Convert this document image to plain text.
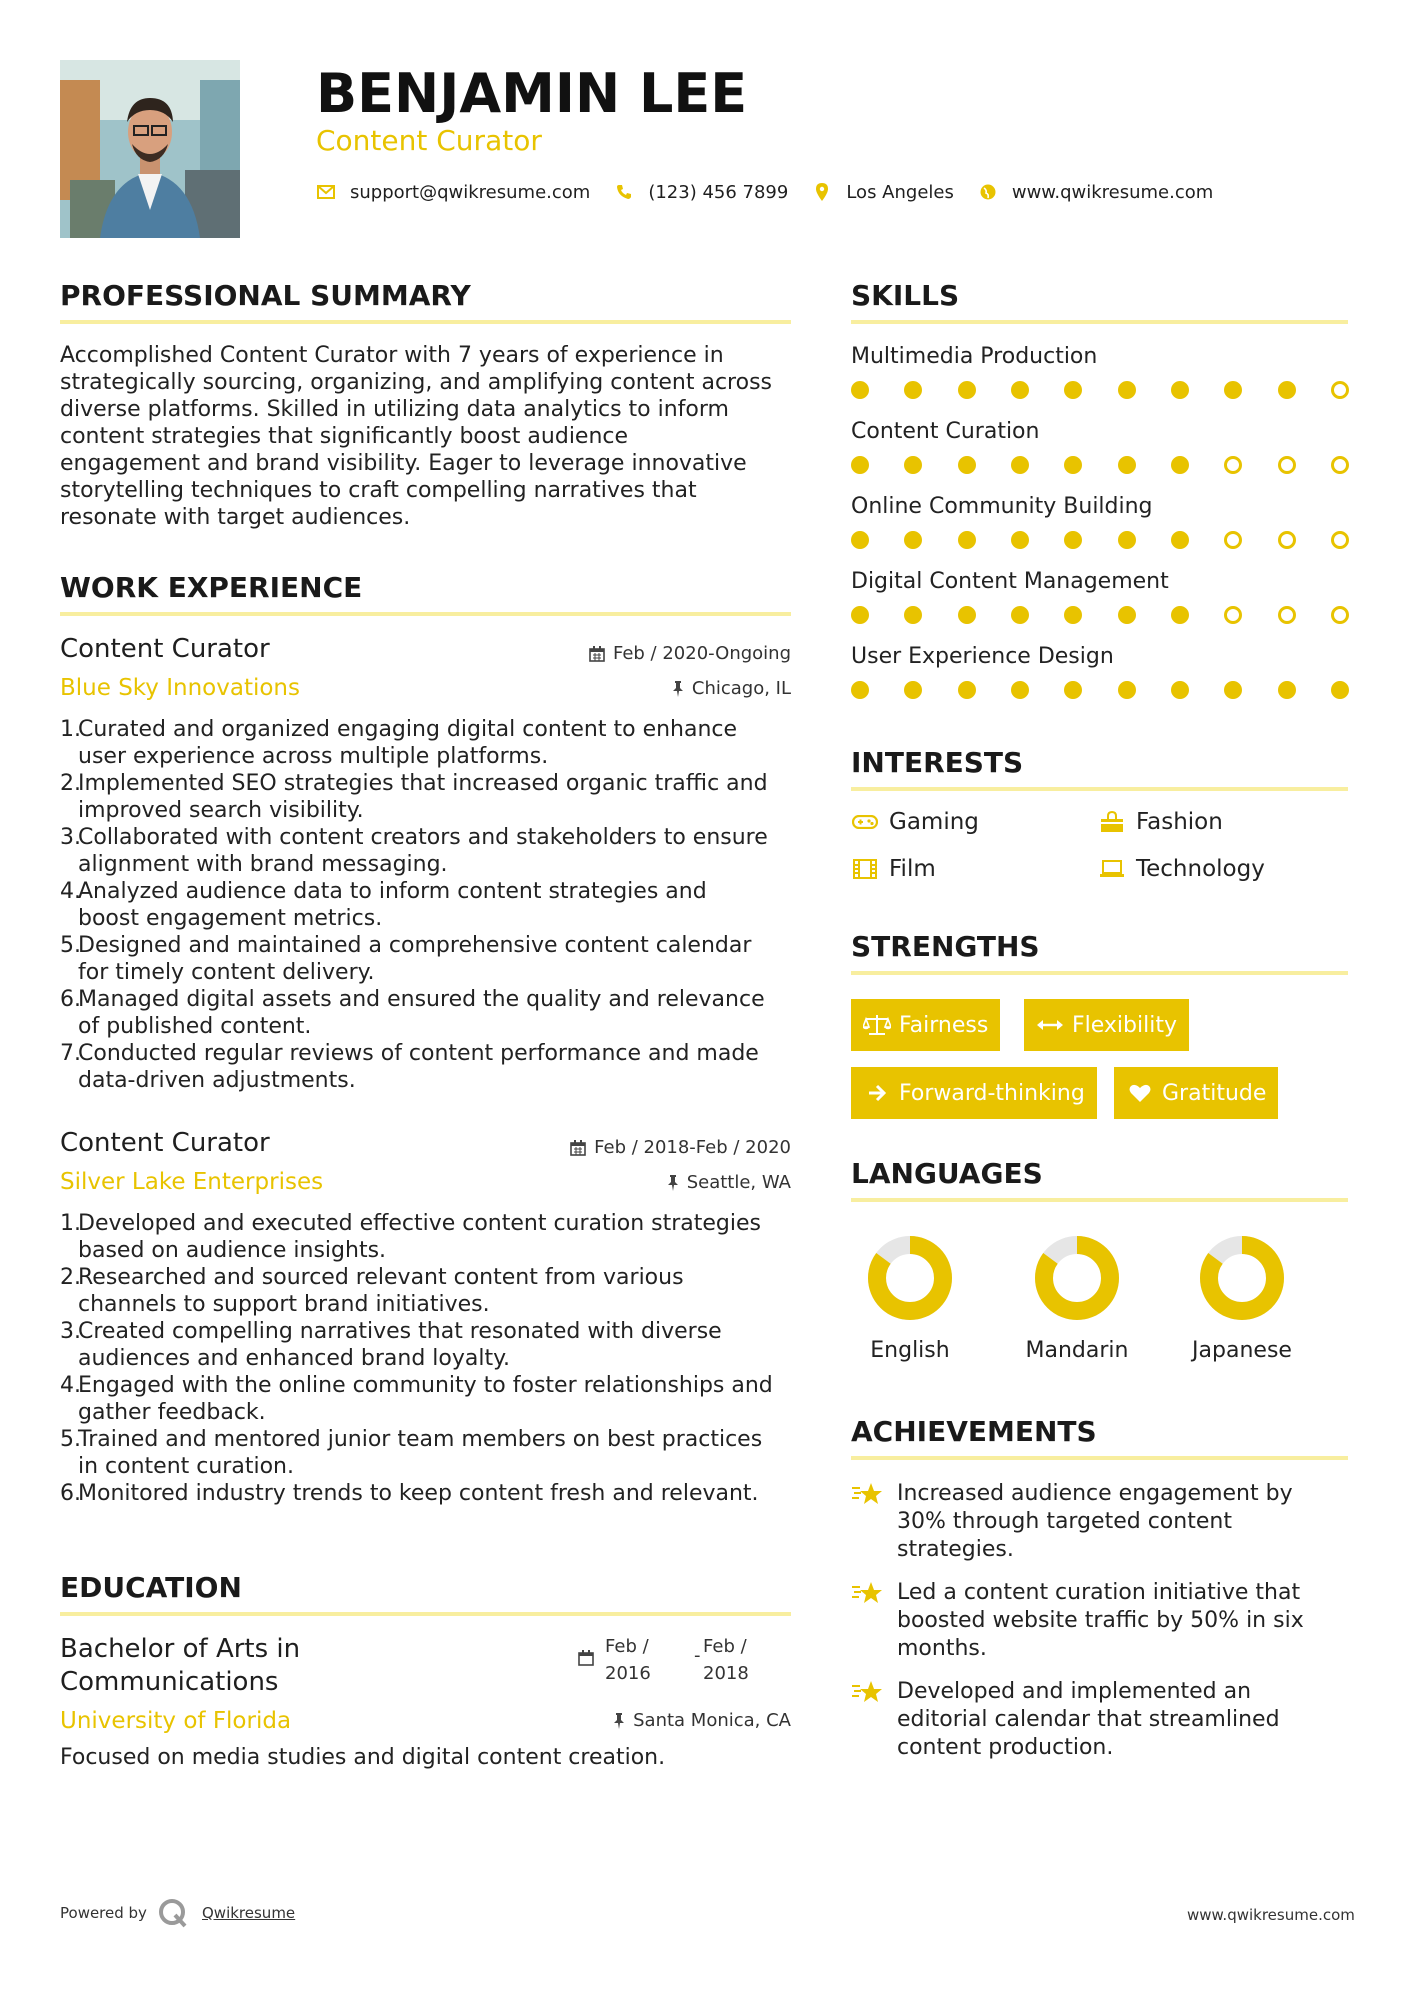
BENJAMIN LEE
Content Curator
support@qwikresume.com	(123) 456 7899	Los Angeles	www.qwikresume.com
PROFESSIONAL SUMMARY
Accomplished Content Curator with 7 years of experience in
strategically sourcing, organizing, and amplifying content across
diverse platforms. Skilled in utilizing data analytics to inform
content strategies that significantly boost audience
engagement and brand visibility. Eager to leverage innovative
storytelling techniques to craft compelling narratives that
resonate with target audiences.
WORK EXPERIENCE
Content Curator	Feb / 2020-Ongoing
Blue Sky Innovations	Chicago, IL
1.
Curated and organized engaging digital content to enhance
user experience across multiple platforms.
2.
Implemented SEO strategies that increased organic traffic and
improved search visibility.
3.
Collaborated with content creators and stakeholders to ensure
alignment with brand messaging.
4.
Analyzed audience data to inform content strategies and
boost engagement metrics.
5.
Designed and maintained a comprehensive content calendar
for timely content delivery.
6.
Managed digital assets and ensured the quality and relevance
of published content.
7.
Conducted regular reviews of content performance and made
data-driven adjustments.
Content Curator	Feb / 2018-Feb / 2020
Silver Lake Enterprises	Seattle, WA
1.
Developed and executed effective content curation strategies
based on audience insights.
2.
Researched and sourced relevant content from various
channels to support brand initiatives.
3.
Created compelling narratives that resonated with diverse
audiences and enhanced brand loyalty.
4.
Engaged with the online community to foster relationships and
gather feedback.
5.
Trained and mentored junior team members on best practices
in content curation.
6.
Monitored industry trends to keep content fresh and relevant.
EDUCATION
Bachelor of Arts in
Communications
Feb /
2016
- Feb /
2018
University of Florida	Santa Monica, CA
Focused on media studies and digital content creation.
SKILLS
Multimedia Production
Content Curation
Online Community Building
Digital Content Management
User Experience Design
INTERESTS
Gaming	Fashion
Film	Technology
STRENGTHS
Fairness	Flexibility
Forward-thinking	Gratitude
LANGUAGES
English	Mandarin	Japanese
ACHIEVEMENTS
Increased audience engagement by
30% through targeted content
strategies.
Led a content curation initiative that
boosted website traffic by 50% in six
months.
Developed and implemented an
editorial calendar that streamlined
content production.
Powered by	Qwikresume	www.qwikresume.com
